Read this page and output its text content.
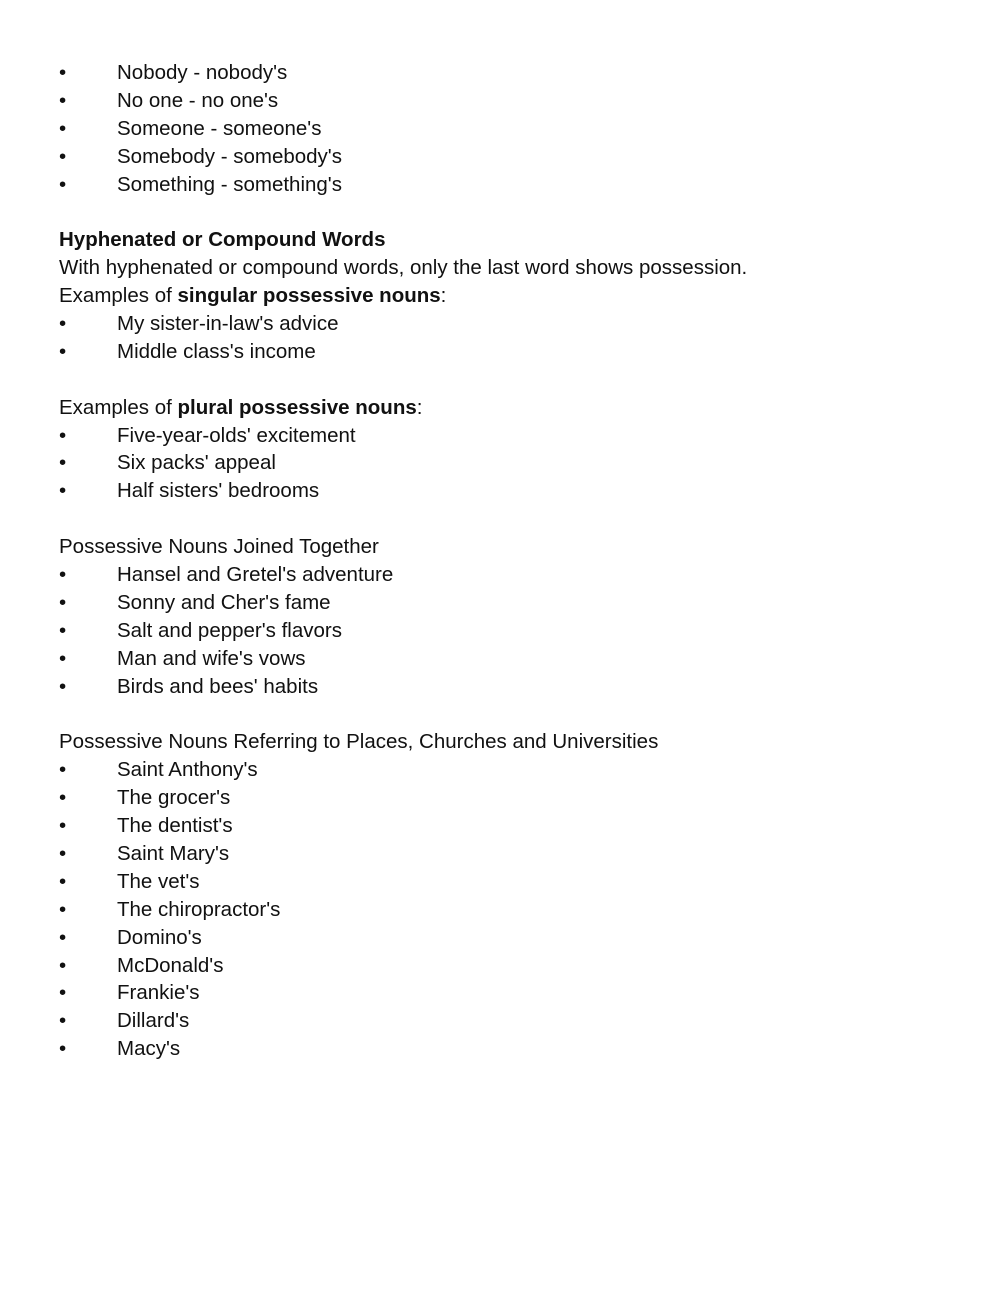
•	Nobody - nobody's
•	No one - no one's
•	Someone - someone's
•	Somebody - somebody's
•	Something - something's
Hyphenated or Compound Words
With hyphenated or compound words, only the last word shows possession.
Examples of singular possessive nouns:
•	My sister-in-law's advice
•	Middle class's income
Examples of plural possessive nouns:
•	Five-year-olds' excitement
•	Six packs' appeal
•	Half sisters' bedrooms
Possessive Nouns Joined Together
•	Hansel and Gretel's adventure
•	Sonny and Cher's fame
•	Salt and pepper's flavors
•	Man and wife's vows
•	Birds and bees' habits
Possessive Nouns Referring to Places, Churches and Universities
•	Saint Anthony's
•	The grocer's
•	The dentist's
•	Saint Mary's
•	The vet's
•	The chiropractor's
•	Domino's
•	McDonald's
•	Frankie's
•	Dillard's
•	Macy's
